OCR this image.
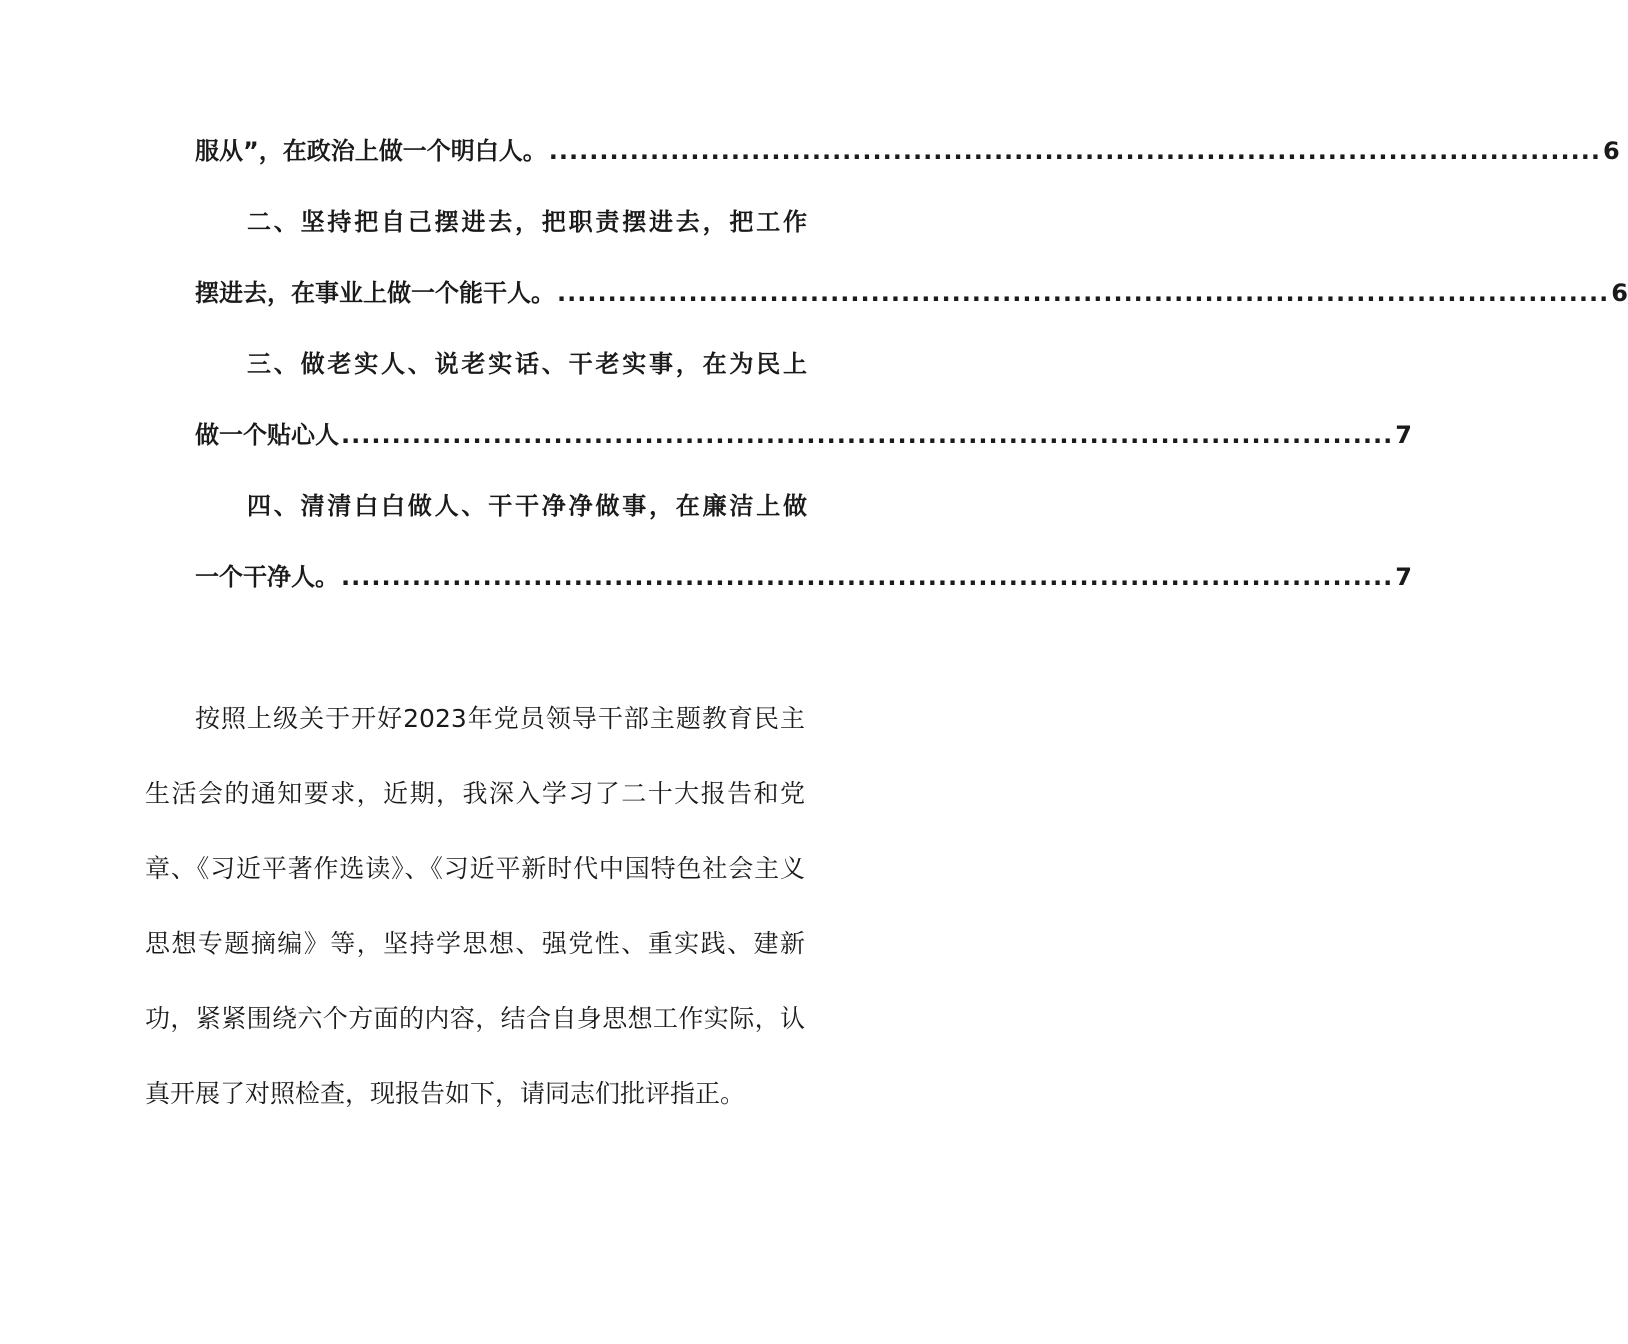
服从”，在政治上做一个明白人。 ........................................................................................................ 6
二、坚持把自己摆进去，把职责摆进去，把工作
摆进去，在事业上做一个能干人。 ........................................................................................................ 6
三、做老实人、说老实话、干老实事，在为民上
做一个贴心人 ........................................................................................................ 7
四、清清白白做人、干干净净做事，在廉洁上做
一个干净人。 ........................................................................................................ 7

按照上级关于开好2023年党员领导干部主题教育民主生活会的通知要求，近期，我深入学习了二十大报告和党章、《习近平著作选读》、《习近平新时代中国特色社会主义思想专题摘编》等，坚持学思想、强党性、重实践、建新功，紧紧围绕六个方面的内容，结合自身思想工作实际，认真开展了对照检查，现报告如下，请同志们批评指正。
